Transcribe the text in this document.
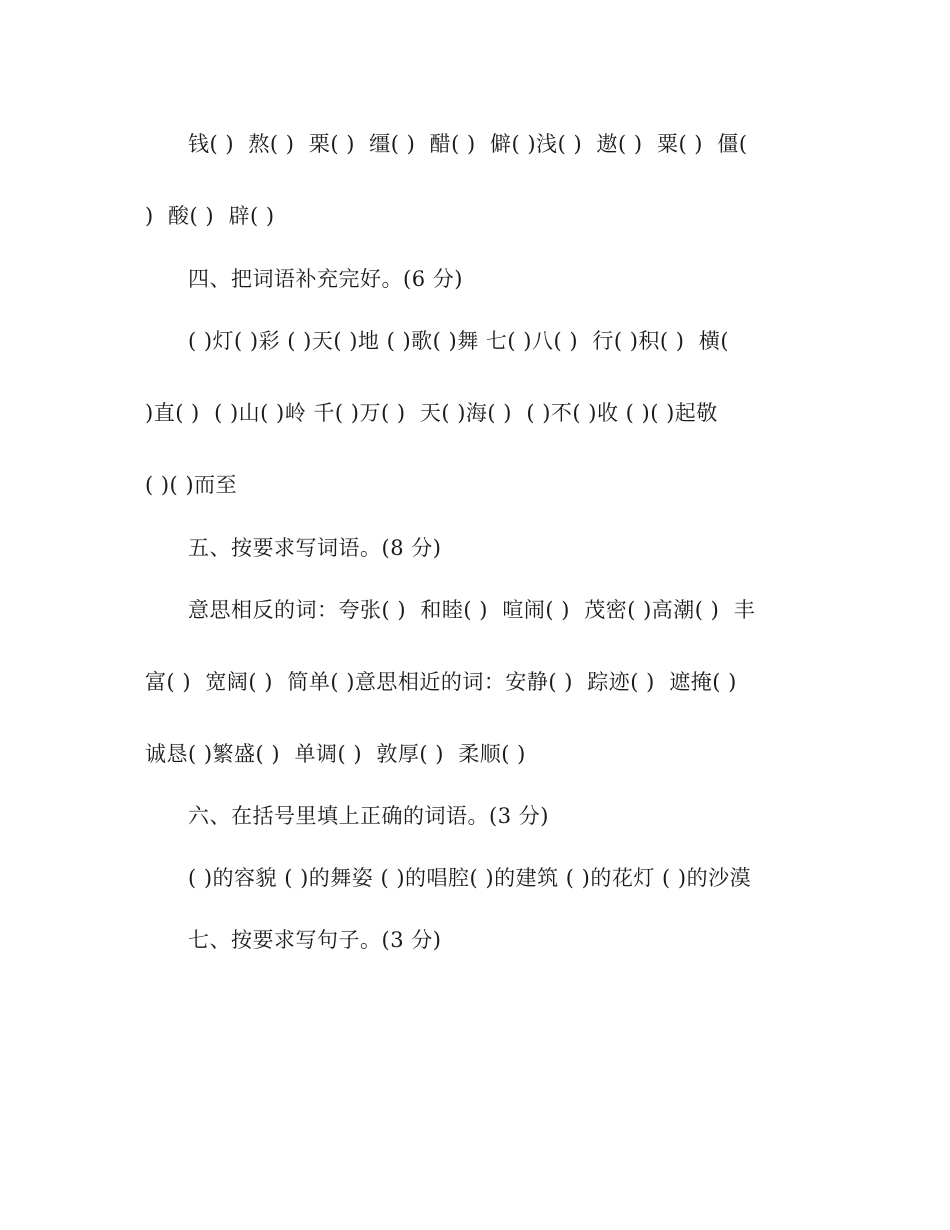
钱( )  熬( )  栗( )  缰( )  醋( )  僻( )浅( )  遨( )  粟( )  僵(
)  酸( )  辟( )
四、把词语补充完好。(6 分)
( )灯( )彩 ( )天( )地 ( )歌( )舞 七( )八( )  行( )积( )  横(
)直( )  ( )山( )岭 千( )万( )  天( )海( )  ( )不( )收 ( )( )起敬
( )( )而至
五、按要求写词语。(8 分)
意思相反的词：夸张( )  和睦( )  喧闹( )  茂密( )高潮( )  丰
富( )  宽阔( )  简单( )意思相近的词：安静( )  踪迹( )  遮掩( )
诚恳( )繁盛( )  单调( )  敦厚( )  柔顺( )
六、在括号里填上正确的词语。(3 分)
( )的容貌 ( )的舞姿 ( )的唱腔( )的建筑 ( )的花灯 ( )的沙漠
七、按要求写句子。(3 分)
